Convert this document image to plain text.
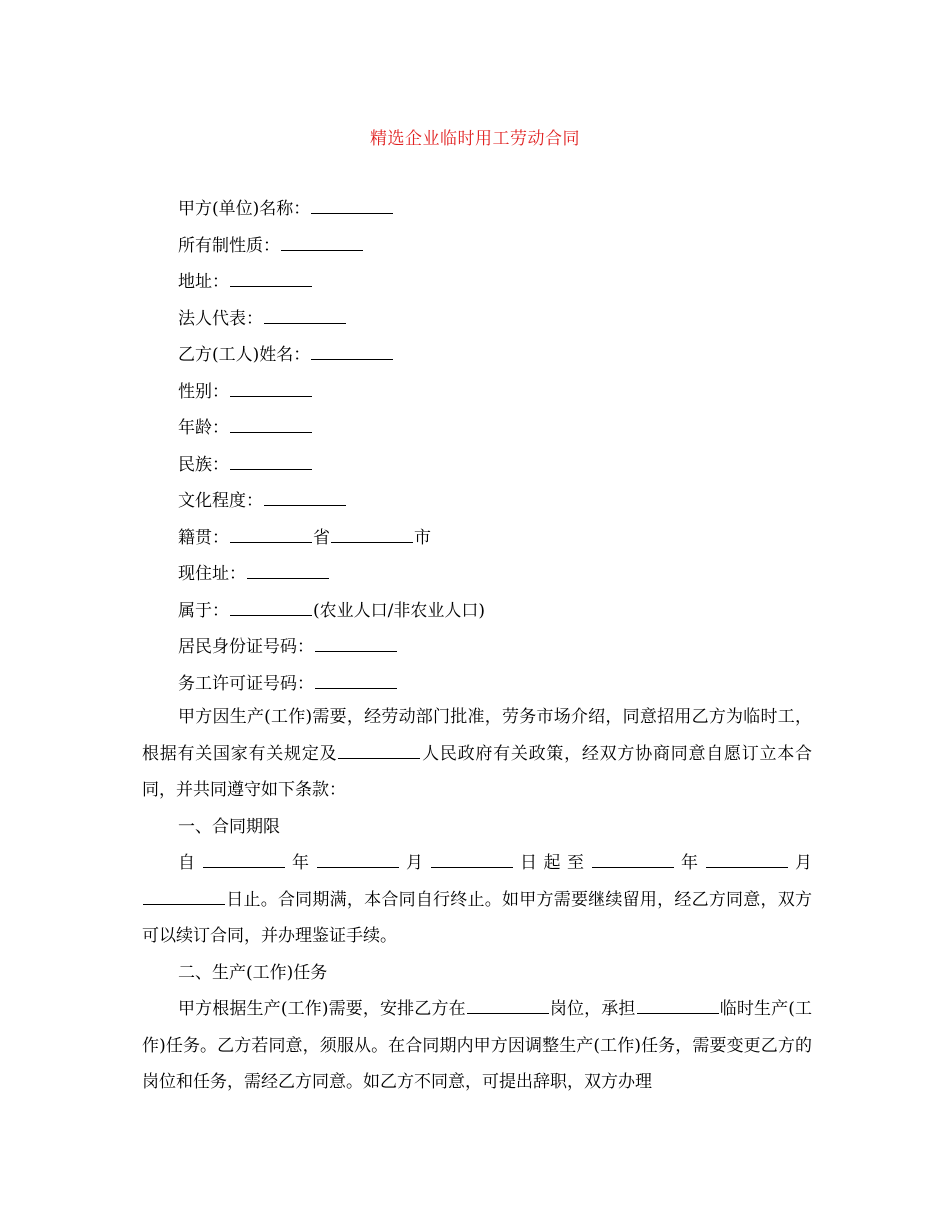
精选企业临时用工劳动合同
甲方(单位)名称：
所有制性质：
地址：
法人代表：
乙方(工人)姓名：
性别：
年龄：
民族：
文化程度：
籍贯：	省	市
现住址：
属于：	(农业人口/非农业人口)
居民身份证号码：
务工许可证号码：

甲方因生产(工作)需要，经劳动部门批准，劳务市场介绍，同意招用乙方为临时工，根据有关国家有关规定及	人民政府有关政策，经双方协商同意自愿订立本合同，并共同遵守如下条款：

一、合同期限

自	年	月	日起至	年	月日止。合同期满，本合同自行终止。如甲方需要继续留用，经乙方同意，双方可以续订合同，并办理鉴证手续。

二、生产(工作)任务

甲方根据生产(工作)需要，安排乙方在	岗位，承担	临时生产(工作)任务。乙方若同意，须服从。在合同期内甲方因调整生产(工作)任务，需要变更乙方的岗位和任务，需经乙方同意。如乙方不同意，可提出辞职，双方办理
